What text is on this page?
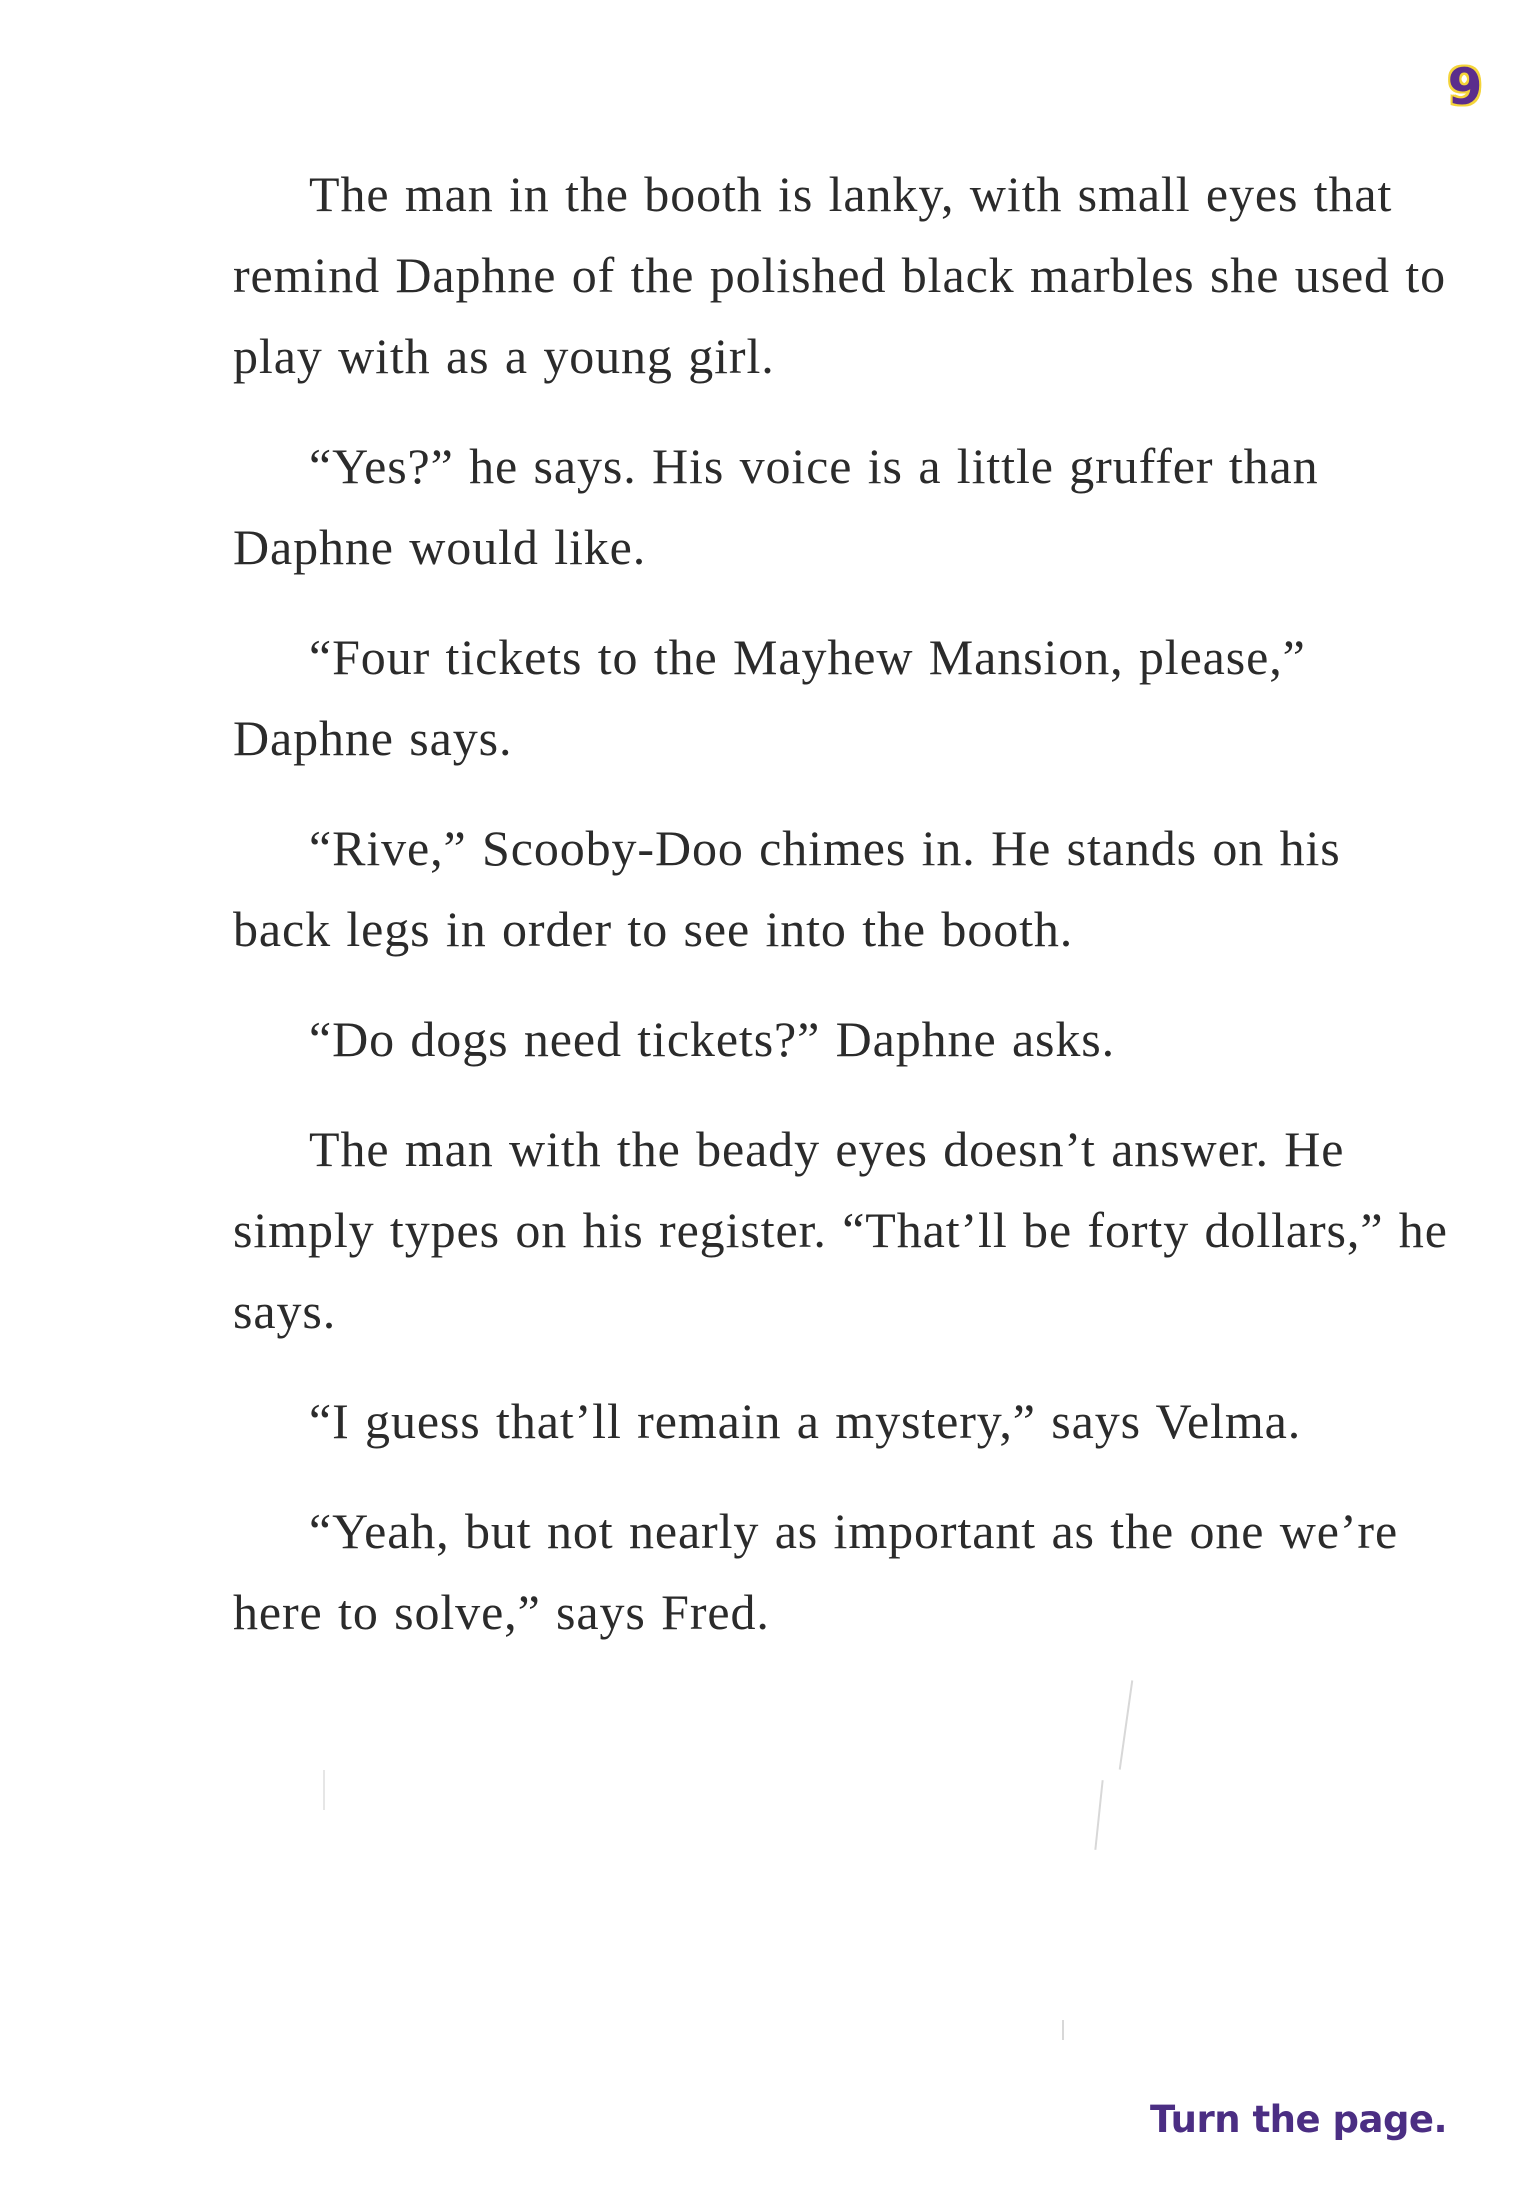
9

The man in the booth is lanky, with small eyes that remind Daphne of the polished black marbles she used to play with as a young girl.

“Yes?” he says. His voice is a little gruffer than Daphne would like.

“Four tickets to the Mayhew Mansion, please,” Daphne says.

“Rive,” Scooby-Doo chimes in. He stands on his back legs in order to see into the booth.

“Do dogs need tickets?” Daphne asks.

The man with the beady eyes doesn’t answer. He simply types on his register. “That’ll be forty dollars,” he says.

“I guess that’ll remain a mystery,” says Velma.

“Yeah, but not nearly as important as the one we’re here to solve,” says Fred.

Turn the page.
